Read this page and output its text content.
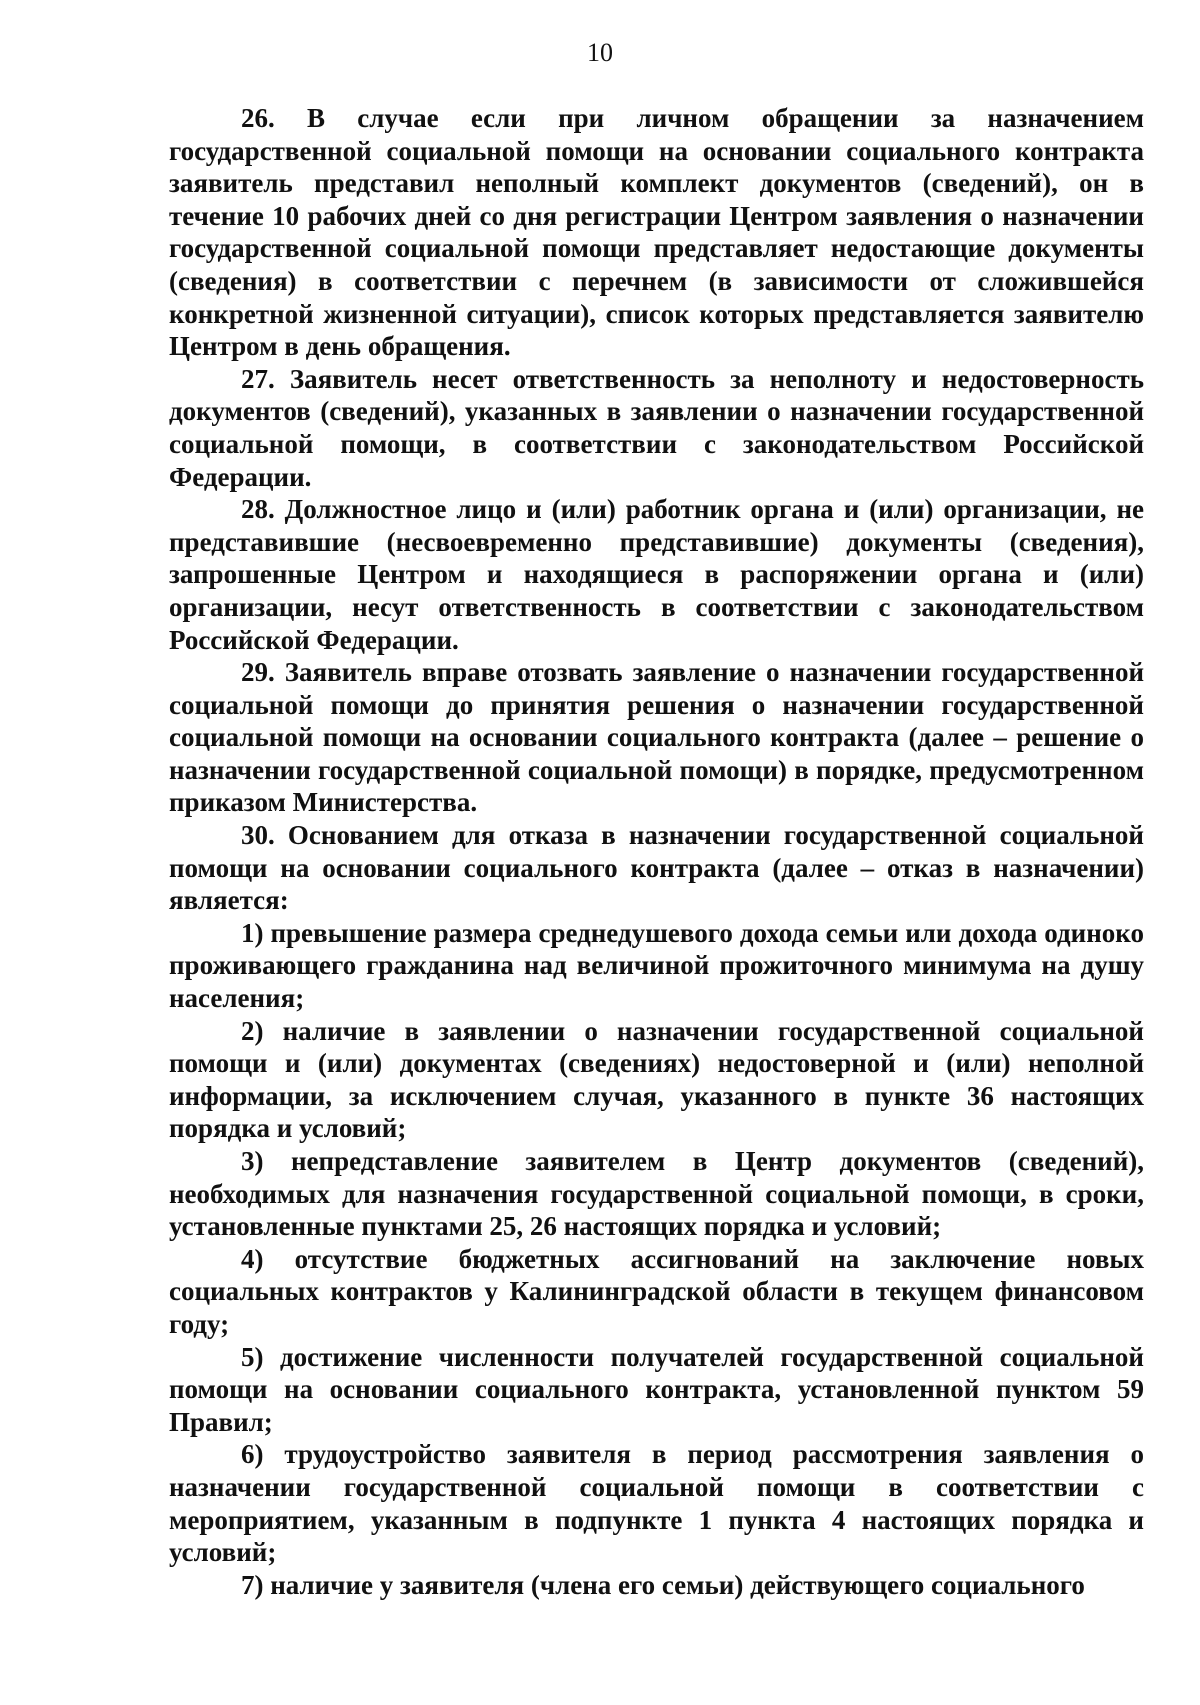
10

26. В случае если при личном обращении за назначением государственной социальной помощи на основании социального контракта заявитель представил неполный комплект документов (сведений), он в течение 10 рабочих дней со дня регистрации Центром заявления о назначении государственной социальной помощи представляет недостающие документы (сведения) в соответствии с перечнем (в зависимости от сложившейся конкретной жизненной ситуации), список которых представляется заявителю Центром в день обращения.

27. Заявитель несет ответственность за неполноту и недостоверность документов (сведений), указанных в заявлении о назначении государственной социальной помощи, в соответствии с законодательством Российской Федерации.

28. Должностное лицо и (или) работник органа и (или) организации, не представившие (несвоевременно представившие) документы (сведения), запрошенные Центром и находящиеся в распоряжении органа и (или) организации, несут ответственность в соответствии с законодательством Российской Федерации.

29. Заявитель вправе отозвать заявление о назначении государственной социальной помощи до принятия решения о назначении государственной социальной помощи на основании социального контракта (далее – решение о назначении государственной социальной помощи) в порядке, предусмотренном приказом Министерства.

30. Основанием для отказа в назначении государственной социальной помощи на основании социального контракта (далее – отказ в назначении) является:

1) превышение размера среднедушевого дохода семьи или дохода одиноко проживающего гражданина над величиной прожиточного минимума на душу населения;

2) наличие в заявлении о назначении государственной социальной помощи и (или) документах (сведениях) недостоверной и (или) неполной информации, за исключением случая, указанного в пункте 36 настоящих порядка и условий;

3) непредставление заявителем в Центр документов (сведений), необходимых для назначения государственной социальной помощи, в сроки, установленные пунктами 25, 26 настоящих порядка и условий;

4) отсутствие бюджетных ассигнований на заключение новых социальных контрактов у Калининградской области в текущем финансовом году;

5) достижение численности получателей государственной социальной помощи на основании социального контракта, установленной пунктом 59 Правил;

6) трудоустройство заявителя в период рассмотрения заявления о назначении государственной социальной помощи в соответствии с мероприятием, указанным в подпункте 1 пункта 4 настоящих порядка и условий;

7) наличие у заявителя (члена его семьи) действующего социального
